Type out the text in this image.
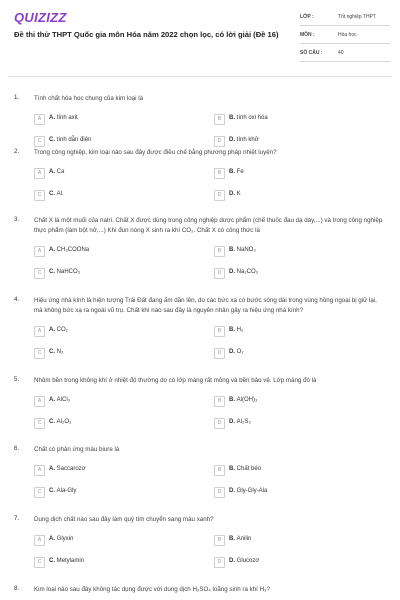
QUIZIZZ
Đề thi thử THPT Quốc gia môn Hóa năm 2022 chọn lọc, có lời giải (Đề 16)
LỚP :	Tốt nghiệp THPT
MÔN :	Hóa học
SỐ CÂU :	40
1. Tính chất hóa học chung của kim loại là
A	A. tính axit	B	B. tính oxi hóa
C	C. tính dẫn điện	D	D. tính khử
2. Trong công nghiệp, kim loại nào sau đây được điều chế bằng phương pháp nhiệt luyện?
A	A. Ca	B	B. Fe
C	C. Al.	D	D. K
3. Chất X là một muối của natri. Chất X được dùng trong công nghiệp dược phẩm (chế thuốc đau dạ dày,...) và trong công nghiệp thực phẩm (làm bột nở,...) Khi đun nóng X sinh ra khí CO₂. Chất X có công thức là
A	A. CH₃COONa	B	B. NaNO₃
C	C. NaHCO₃	D	D. Na₂CO₃
4. Hiệu ứng nhà kính là hiện tượng Trái Đất đang ấm dần lên, do các bức xạ có bước sóng dài trong vùng hồng ngoại bị giữ lại, mà không bức xạ ra ngoài vũ trụ. Chất khí nào sau đây là nguyên nhân gây ra hiệu ứng nhà kính?
A	A. CO₂	B	B. H₂
C	C. N₂	D	D. O₂
5. Nhôm bền trong không khí ở nhiệt độ thường do có lớp màng rất mỏng và bền bảo vệ. Lớp màng đó là
A	A. AlCl₃	B	B. Al(OH)₃
C	C. Al₂O₃	D	D. Al₂S₃
6. Chất có phản ứng màu biure là
A	A. Saccarozơ	B	B. Chất béo
C	C. Ala-Gly	D	D. Gly-Gly-Ala
7. Dung dịch chất nào sau đây làm quỳ tím chuyển sang màu xanh?
A	A. Glyxin	B	B. Anilin
C	C. Metylamin	D	D. Glucozơ
8. Kim loại nào sau đây không tác dụng được với dung dịch H₂SO₄ loãng sinh ra khí H₂?
